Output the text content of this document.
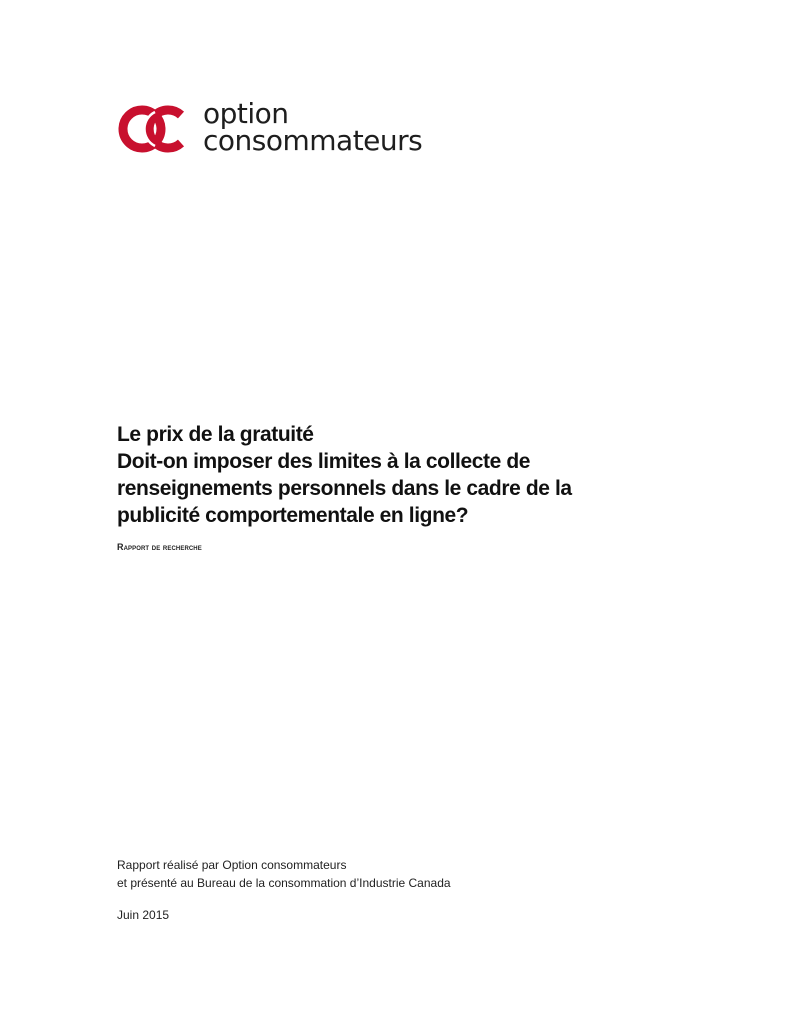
option
consommateurs
Le prix de la gratuité
Doit-on imposer des limites à la collecte de
renseignements personnels dans le cadre de la
publicité comportementale en ligne?
Rapport de recherche
Rapport réalisé par Option consommateurs
et présenté au Bureau de la consommation d’Industrie Canada
Juin 2015
